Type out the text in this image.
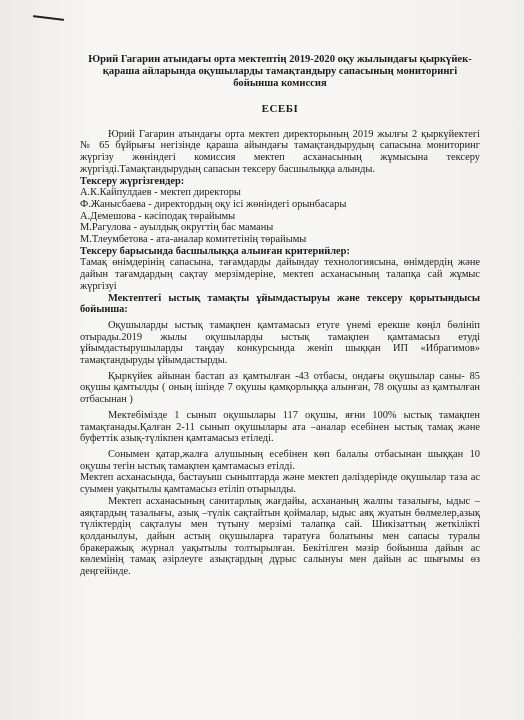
Юрий Гагарин атындағы орта мектептің 2019-2020 оқу жылындағы қыркүйек-қараша айларында оқушыларды тамақтандыру сапасының мониторингі бойынша комиссия

ЕСЕБІ

Юрий Гагарин атындағы орта мектеп директорының 2019 жылғы 2 қыркүйектегі № 65 бұйрығы негізінде қараша айындағы тамақтандырудың сапасына мониторинг жүргізу жөніндегі комиссия мектеп асханасының жұмысына тексеру жүргізді.Тамақтандырудың сапасын тексеру басшылыққа алынды.

Тексеру жүргізгендер:

А.К.Кайпулдаев - мектеп директоры

Ф.Жанысбаева - директордың оқу ісі жөніндегі орынбасары

А.Демешова - кәсіподақ төрайымы

М.Рагулова - ауылдық округтің бас маманы

М.Тлеумбетова - ата-аналар комитетінің төрайымы

Тексеру барысында басшылыққа алынған критерийлер:

Тамақ өнімдерінің сапасына, тағамдарды дайындау технологиясына, өнімдердің және дайын тағамдардың сақтау мерзімдеріне, мектеп асханасының талапқа сай жұмыс жүргізуі

Мектептегі ыстық тамақты ұйымдастыруы және тексеру қорытындысы бойынша:

Оқушыларды ыстық тамақпен қамтамасыз етуге үнемі ерекше көңіл бөлініп отырады.2019 жылы оқушыларды ыстық тамақпен қамтамасыз етуді ұйымдастырушыларды таңдау конкурсында женіп шыққан ИП «Ибрагимов» тамақтандыруды ұйымдастырды.

Қыркүйек айынан бастап аз қамтылған -43 отбасы, ондағы оқушылар саны- 85 оқушы қамтылды ( оның ішінде 7 оқушы қамқорлыққа алынған, 78 оқушы аз қамтылған отбасынан )

Мектебімізде 1 сынып оқушылары 117 оқушы, яғни 100% ыстық тамақпен тамақтанады.Қалған 2-11 сынып оқушылары ата –аналар есебінен ыстық тамақ және буфеттік азық-түлікпен қамтамасыз етіледі.

Сонымен қатар,жалға алушының есебінен көп балалы отбасынан шыққан 10 оқушы тегін ыстық тамақпен қамтамасыз етілді.

Мектеп асханасында, бастауыш сыныптарда және мектеп дәліздерінде оқушылар таза ас суымен уақытылы қамтамасыз етіліп отырылды.

Мектеп асханасының санитарлық жағдайы, асхананың жалпы тазалығы, ыдыс – аяқтардың тазалығы, азық –түлік сақтайтын қоймалар, ыдыс аяқ жуатын бөлмелер,азық түліктердің сақталуы мен түтыну мерзімі талапқа сай. Шикізаттың жеткілікті қолданылуы, дайын астың оқушыларға таратуға болатыны мен сапасы туралы бракеражық журнал уақытылы толтырылған. Бекітілген мәзір бойынша дайын ас көлемінің тамақ әзірлеуге азықтардың дұрыс салынуы мен дайын ас шығымы өз деңгейінде.
